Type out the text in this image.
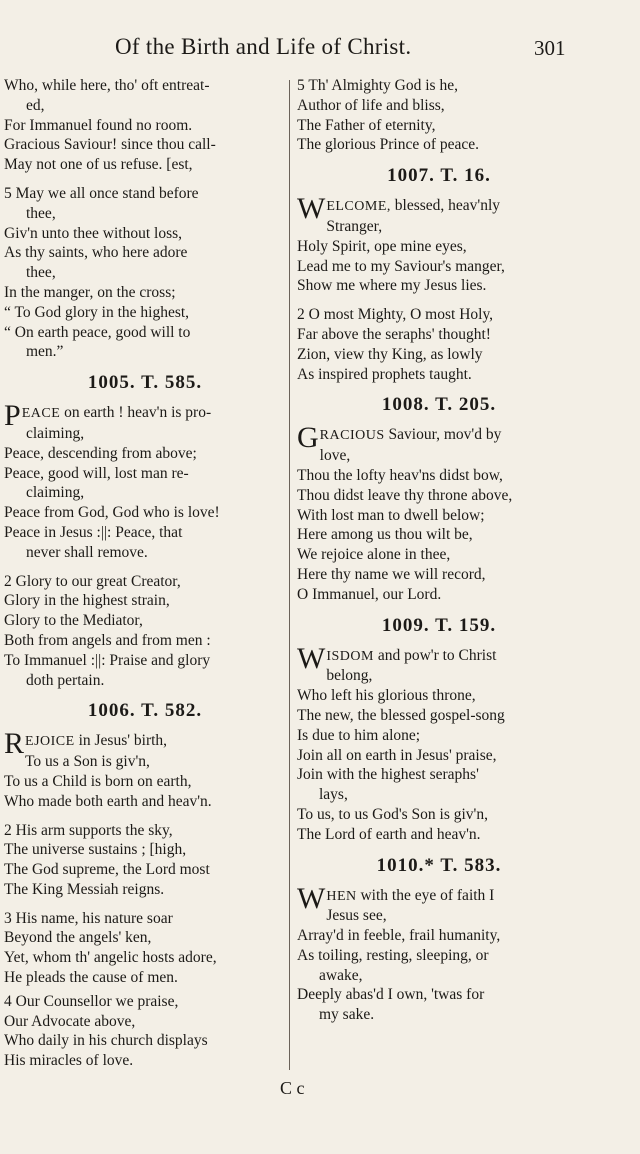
Of the Birth and Life of Christ.	301
Who, while here, tho' oft entreat-
ed,
For Immanuel found no room.
Gracious Saviour! since thou call-
May not one of us refuse. [est,
5 May we all once stand before
thee,
Giv'n unto thee without loss,
As thy saints, who here adore
thee,
In the manger, on the cross;
“ To God glory in the highest,
“ On earth peace, good will to
men.”
1005. T. 585.
PEACE on earth ! heav'n is pro-
claiming,
Peace, descending from above;
Peace, good will, lost man re-
claiming,
Peace from God, God who is love!
Peace in Jesus :||: Peace, that
never shall remove.
2 Glory to our great Creator,
Glory in the highest strain,
Glory to the Mediator,
Both from angels and from men :
To Immanuel :||: Praise and glory
doth pertain.
1006. T. 582.
REJOICE in Jesus' birth,
To us a Son is giv'n,
To us a Child is born on earth,
Who made both earth and heav'n.
2 His arm supports the sky,
The universe sustains ; [high,
The God supreme, the Lord most
The King Messiah reigns.
3 His name, his nature soar
Beyond the angels' ken,
Yet, whom th' angelic hosts adore,
He pleads the cause of men.
4 Our Counsellor we praise,
Our Advocate above,
Who daily in his church displays
His miracles of love.
5 Th' Almighty God is he,
Author of life and bliss,
The Father of eternity,
The glorious Prince of peace.
1007. T. 16.
WELCOME, blessed, heav'nly
Stranger,
Holy Spirit, ope mine eyes,
Lead me to my Saviour's manger,
Show me where my Jesus lies.
2 O most Mighty, O most Holy,
Far above the seraphs' thought!
Zion, view thy King, as lowly
As inspired prophets taught.
1008. T. 205.
GRACIOUS Saviour, mov'd by
love,
Thou the lofty heav'ns didst bow,
Thou didst leave thy throne above,
With lost man to dwell below;
Here among us thou wilt be,
We rejoice alone in thee,
Here thy name we will record,
O Immanuel, our Lord.
1009. T. 159.
WISDOM and pow'r to Christ
belong,
Who left his glorious throne,
The new, the blessed gospel-song
Is due to him alone;
Join all on earth in Jesus' praise,
Join with the highest seraphs'
lays,
To us, to us God's Son is giv'n,
The Lord of earth and heav'n.
1010.* T. 583.
WHEN with the eye of faith I
Jesus see,
Array'd in feeble, frail humanity,
As toiling, resting, sleeping, or
awake,
Deeply abas'd I own, 'twas for
my sake.
C c
